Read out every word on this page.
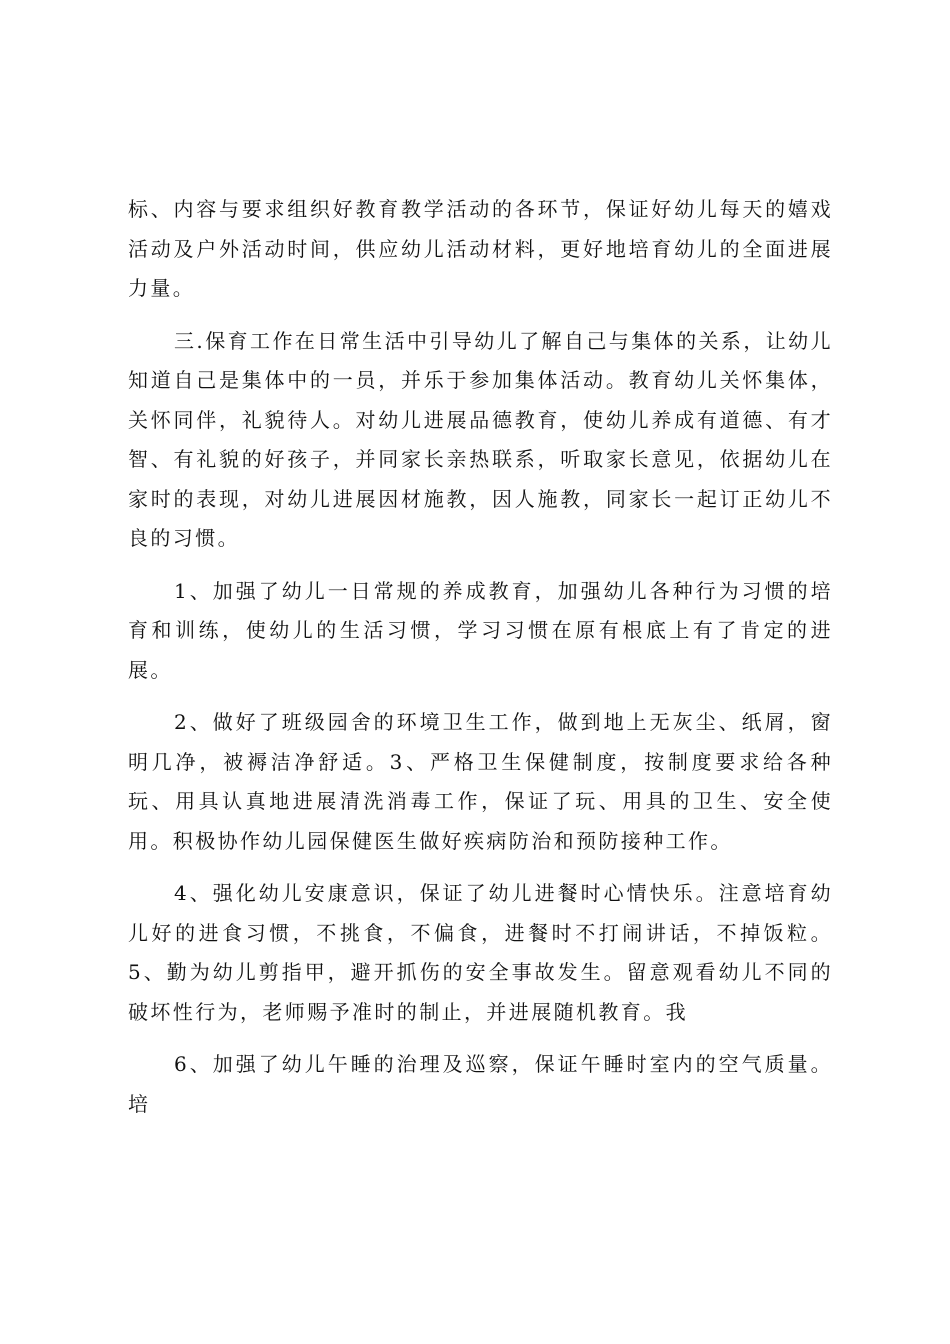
标、内容与要求组织好教育教学活动的各环节，保证好幼儿每天的嬉戏活动及户外活动时间，供应幼儿活动材料，更好地培育幼儿的全面进展力量。

三.保育工作在日常生活中引导幼儿了解自己与集体的关系，让幼儿知道自己是集体中的一员，并乐于参加集体活动。教育幼儿关怀集体，关怀同伴，礼貌待人。对幼儿进展品德教育，使幼儿养成有道德、有才智、有礼貌的好孩子，并同家长亲热联系，听取家长意见，依据幼儿在家时的表现，对幼儿进展因材施教，因人施教，同家长一起订正幼儿不良的习惯。

1、加强了幼儿一日常规的养成教育，加强幼儿各种行为习惯的培育和训练，使幼儿的生活习惯，学习习惯在原有根底上有了肯定的进展。

2、做好了班级园舍的环境卫生工作，做到地上无灰尘、纸屑，窗明几净，被褥洁净舒适。3、严格卫生保健制度，按制度要求给各种玩、用具认真地进展清洗消毒工作，保证了玩、用具的卫生、安全使用。积极协作幼儿园保健医生做好疾病防治和预防接种工作。

4、强化幼儿安康意识，保证了幼儿进餐时心情快乐。注意培育幼儿好的进食习惯，不挑食，不偏食，进餐时不打闹讲话，不掉饭粒。5、勤为幼儿剪指甲，避开抓伤的安全事故发生。留意观看幼儿不同的破坏性行为，老师赐予准时的制止，并进展随机教育。我

6、加强了幼儿午睡的治理及巡察，保证午睡时室内的空气质量。培
